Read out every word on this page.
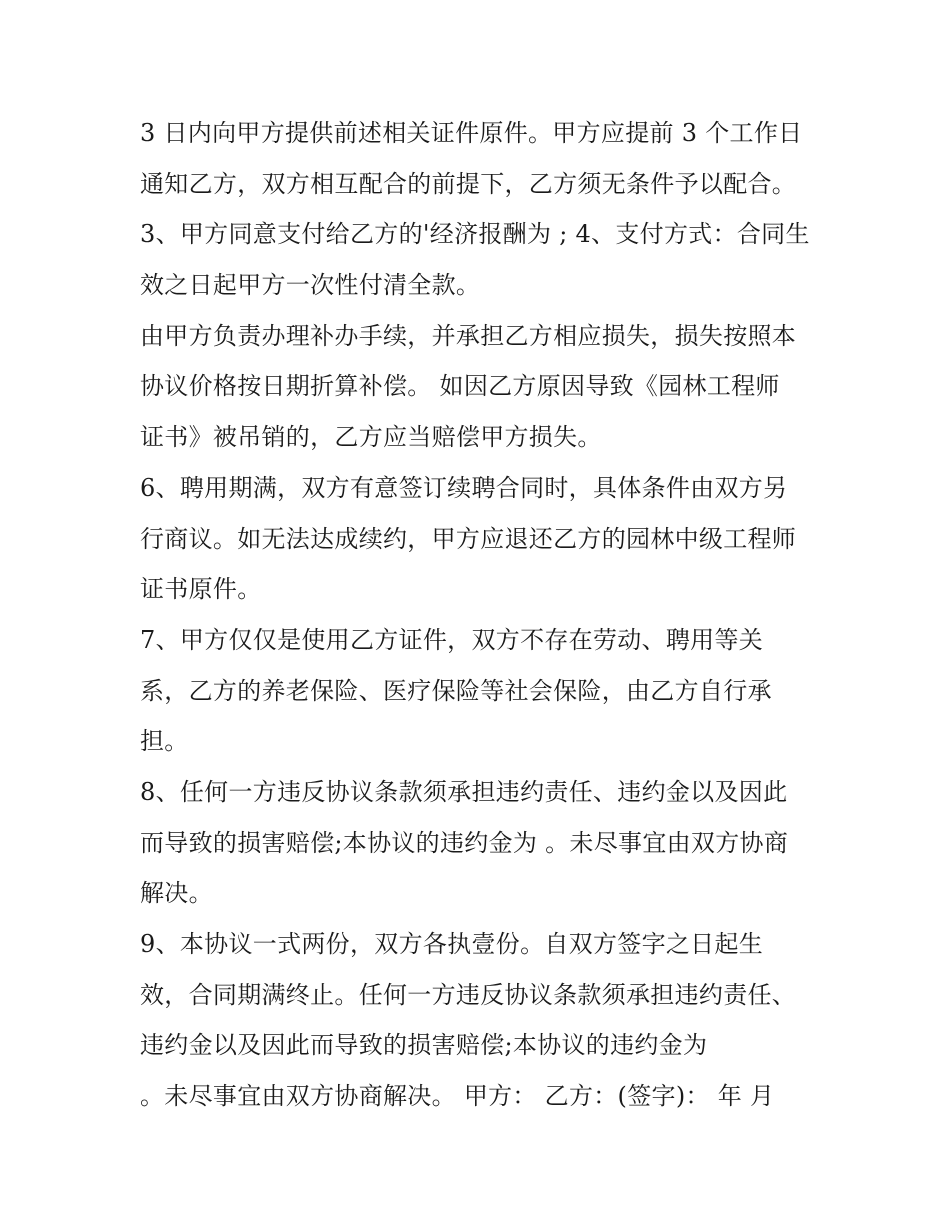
3 日内向甲方提供前述相关证件原件。甲方应提前 3 个工作日
通知乙方，双方相互配合的前提下，乙方须无条件予以配合。
3、甲方同意支付给乙方的'经济报酬为 ; 4、支付方式：合同生
效之日起甲方一次性付清全款。
由甲方负责办理补办手续，并承担乙方相应损失，损失按照本
协议价格按日期折算补偿。 如因乙方原因导致《园林工程师
证书》被吊销的，乙方应当赔偿甲方损失。
6、聘用期满，双方有意签订续聘合同时，具体条件由双方另
行商议。如无法达成续约，甲方应退还乙方的园林中级工程师
证书原件。
7、甲方仅仅是使用乙方证件，双方不存在劳动、聘用等关
系，乙方的养老保险、医疗保险等社会保险，由乙方自行承
担。
8、任何一方违反协议条款须承担违约责任、违约金以及因此
而导致的损害赔偿;本协议的违约金为 。未尽事宜由双方协商
解决。
9、本协议一式两份，双方各执壹份。自双方签字之日起生
效，合同期满终止。任何一方违反协议条款须承担违约责任、
违约金以及因此而导致的损害赔偿;本协议的违约金为
。未尽事宜由双方协商解决。 甲方： 乙方：(签字)： 年 月
